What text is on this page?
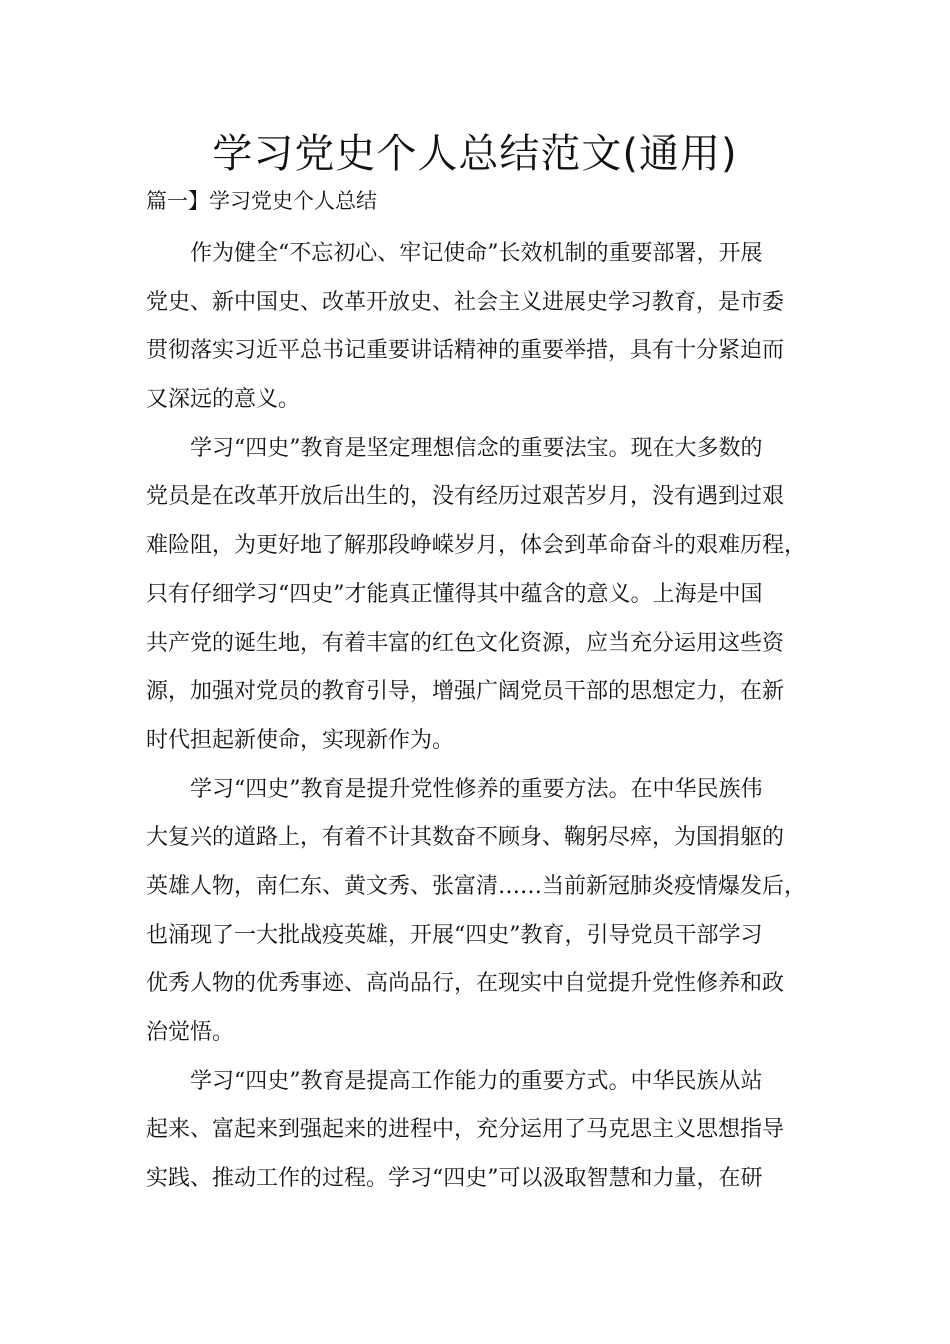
学习党史个人总结范文(通用)

篇一】学习党史个人总结

作为健全“不忘初心、牢记使命”长效机制的重要部署，开展
党史、新中国史、改革开放史、社会主义进展史学习教育，是市委
贯彻落实习近平总书记重要讲话精神的重要举措，具有十分紧迫而
又深远的意义。
学习“四史”教育是坚定理想信念的重要法宝。现在大多数的
党员是在改革开放后出生的，没有经历过艰苦岁月，没有遇到过艰
难险阻，为更好地了解那段峥嵘岁月，体会到革命奋斗的艰难历程，
只有仔细学习“四史”才能真正懂得其中蕴含的意义。上海是中国
共产党的诞生地，有着丰富的红色文化资源，应当充分运用这些资
源，加强对党员的教育引导，增强广阔党员干部的思想定力，在新
时代担起新使命，实现新作为。
学习“四史”教育是提升党性修养的重要方法。在中华民族伟
大复兴的道路上，有着不计其数奋不顾身、鞠躬尽瘁，为国捐躯的
英雄人物，南仁东、黄文秀、张富清……当前新冠肺炎疫情爆发后，
也涌现了一大批战疫英雄，开展“四史”教育，引导党员干部学习
优秀人物的优秀事迹、高尚品行，在现实中自觉提升党性修养和政
治觉悟。
学习“四史”教育是提高工作能力的重要方式。中华民族从站
起来、富起来到强起来的进程中，充分运用了马克思主义思想指导
实践、推动工作的过程。学习“四史”可以汲取智慧和力量，在研
